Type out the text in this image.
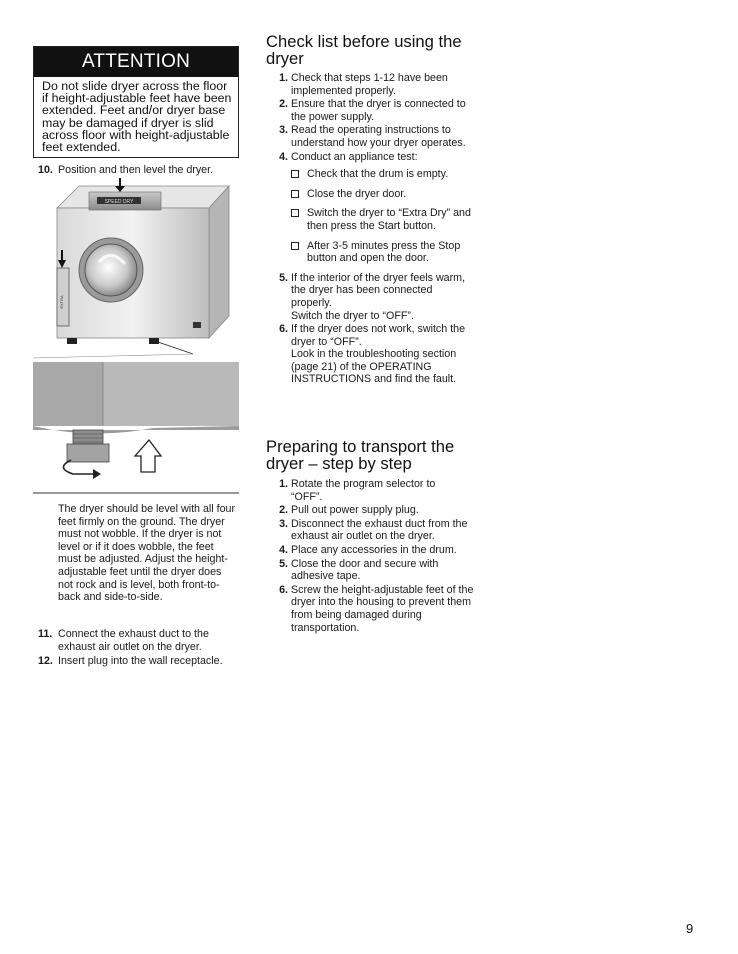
ATTENTION
Do not slide dryer across the floor if height-adjustable feet have been extended. Feet and/or dryer base may be damaged if dryer is slid across floor with height-adjustable feet extended.
10. Position and then level the dryer.
SPEED DRY
EXTRA
The dryer should be level with all four feet firmly on the ground. The dryer must not wobble. If the dryer is not level or if it does wobble, the feet must be adjusted. Adjust the height-adjustable feet until the dryer does not rock and is level, both front-to-back and side-to-side.
11. Connect the exhaust duct to the exhaust air outlet on the dryer.
12. Insert plug into the wall receptacle.
Check list before using the dryer
1. Check that steps 1-12 have been implemented properly.
2. Ensure that the dryer is connected to the power supply.
3. Read the operating instructions to understand how your dryer operates.
4. Conduct an appliance test:
Check that the drum is empty.
Close the dryer door.
Switch the dryer to “Extra Dry” and then press the Start button.
After 3-5 minutes press the Stop button and open the door.
5. If the interior of the dryer feels warm, the dryer has been connected properly.
Switch the dryer to “OFF”.
6. If the dryer does not work, switch the dryer to “OFF”.
Look in the troubleshooting section (page 21) of the OPERATING INSTRUCTIONS and find the fault.
Preparing to transport the dryer – step by step
1. Rotate the program selector to “OFF”.
2. Pull out power supply plug.
3. Disconnect the exhaust duct from the exhaust air outlet on the dryer.
4. Place any accessories in the drum.
5. Close the door and secure with adhesive tape.
6. Screw the height-adjustable feet of the dryer into the housing to prevent them from being damaged during transportation.
9
